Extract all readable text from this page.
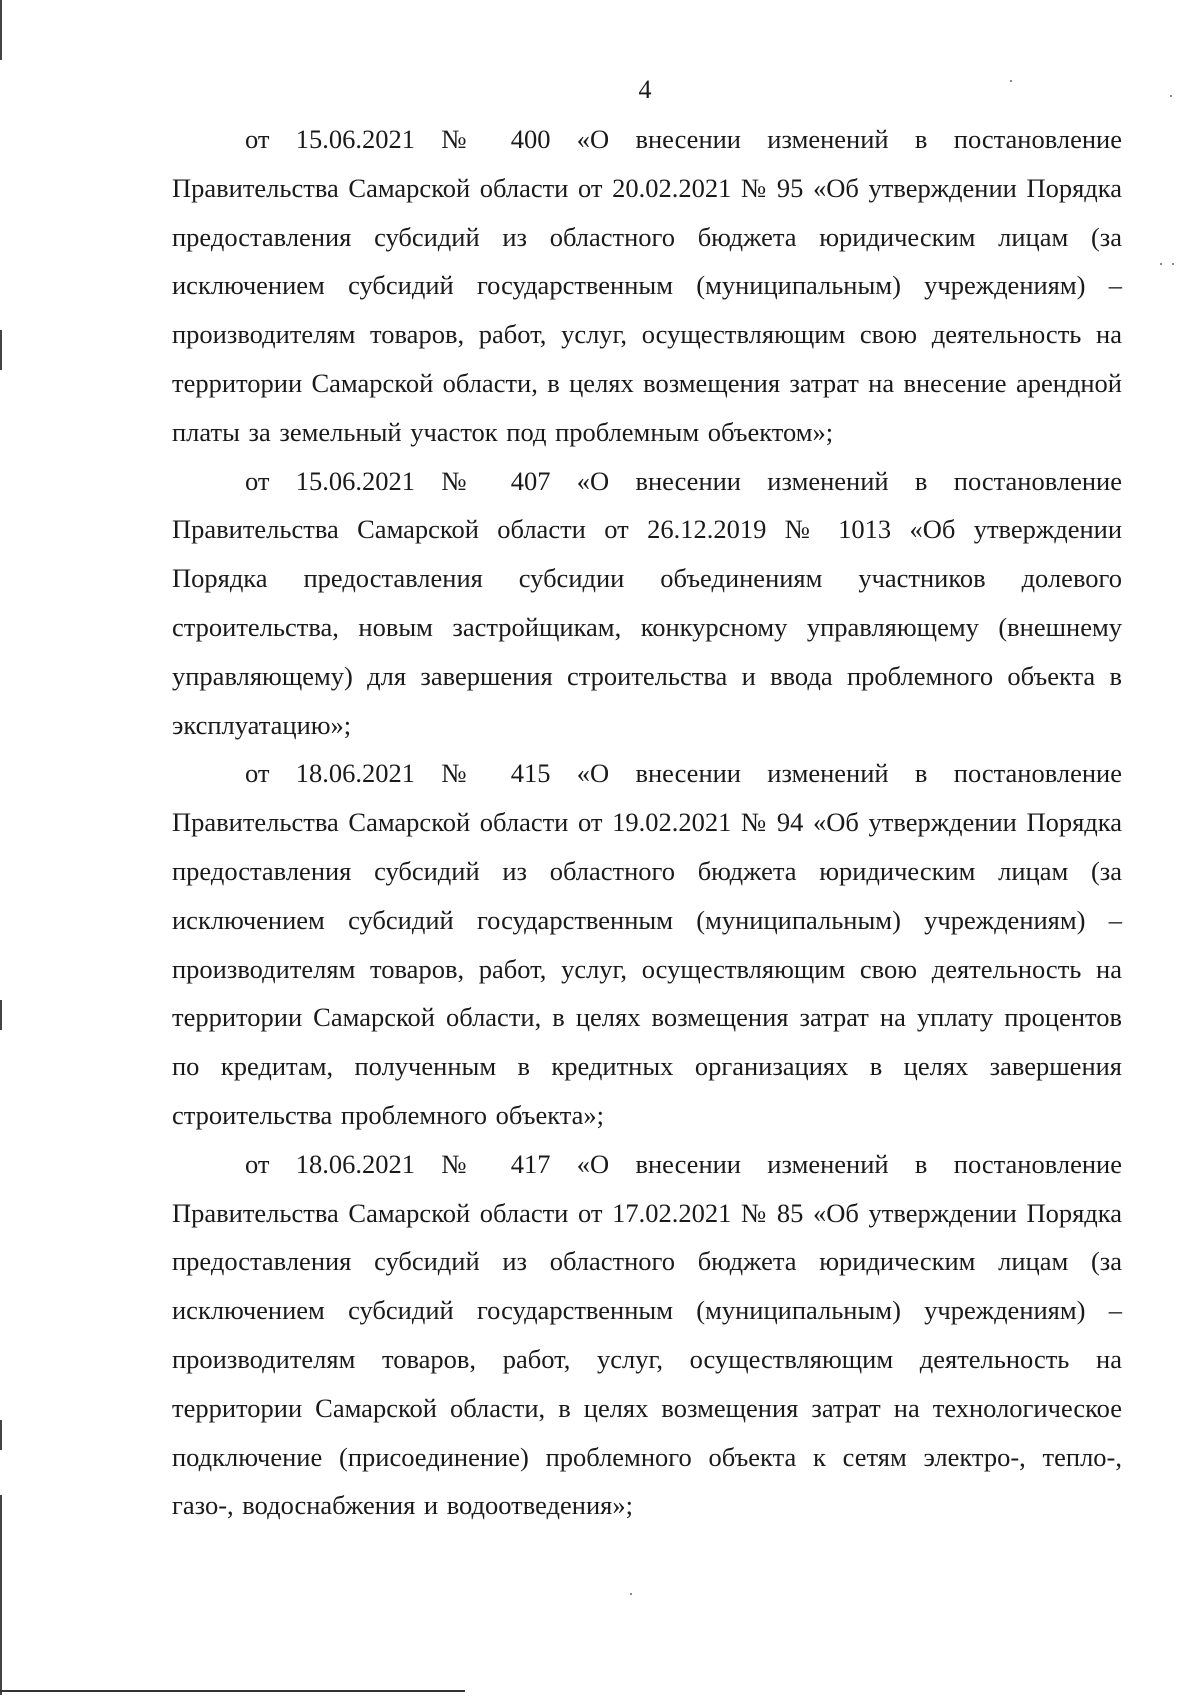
4

от 15.06.2021 № 400 «О внесении изменений в постановление Правительства Самарской области от 20.02.2021 № 95 «Об утверждении Порядка предоставления субсидий из областного бюджета юридическим лицам (за исключением субсидий государственным (муниципальным) учреждениям) – производителям товаров, работ, услуг, осуществляющим свою деятельность на территории Самарской области, в целях возмещения затрат на внесение арендной платы за земельный участок под проблемным объектом»;

от 15.06.2021 № 407 «О внесении изменений в постановление Правительства Самарской области от 26.12.2019 № 1013 «Об утверждении Порядка предоставления субсидии объединениям участников долевого строительства, новым застройщикам, конкурсному управляющему (внешнему управляющему) для завершения строительства и ввода проблемного объекта в эксплуатацию»;

от 18.06.2021 № 415 «О внесении изменений в постановление Правительства Самарской области от 19.02.2021 № 94 «Об утверждении Порядка предоставления субсидий из областного бюджета юридическим лицам (за исключением субсидий государственным (муниципальным) учреждениям) – производителям товаров, работ, услуг, осуществляющим свою деятельность на территории Самарской области, в целях возмещения затрат на уплату процентов по кредитам, полученным в кредитных организациях в целях завершения строительства проблемного объекта»;

от 18.06.2021 № 417 «О внесении изменений в постановление Правительства Самарской области от 17.02.2021 № 85 «Об утверждении Порядка предоставления субсидий из областного бюджета юридическим лицам (за исключением субсидий государственным (муниципальным) учреждениям) – производителям товаров, работ, услуг, осуществляющим деятельность на территории Самарской области, в целях возмещения затрат на технологическое подключение (присоединение) проблемного объекта к сетям электро-, тепло-, газо-, водоснабжения и водоотведения»;
